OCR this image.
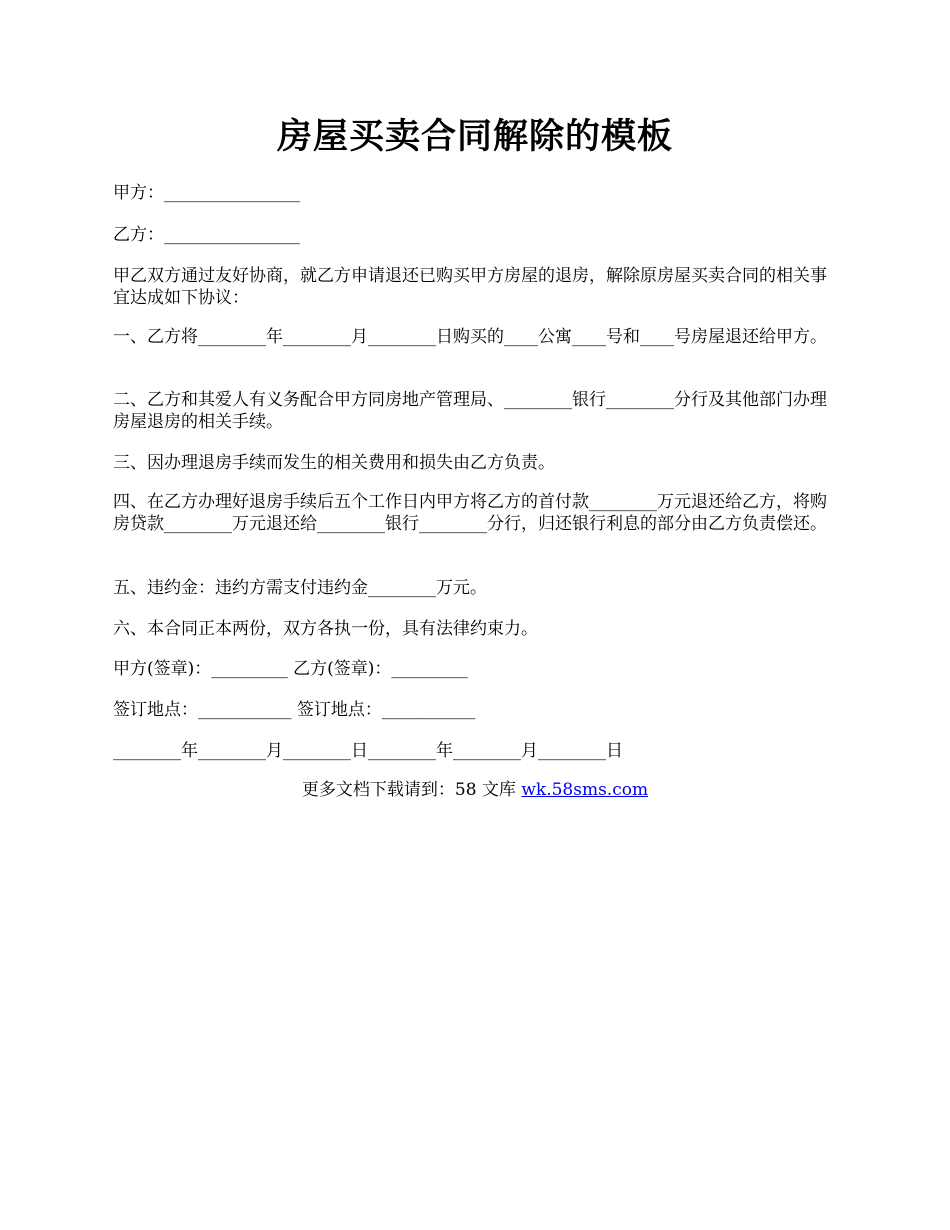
房屋买卖合同解除的模板

甲方：________________

乙方：________________

甲乙双方通过友好协商，就乙方申请退还已购买甲方房屋的退房，解除原房屋买卖合同的相关事宜达成如下协议：

一、乙方将________年________月________日购买的____公寓____号和____号房屋退还给甲方。

二、乙方和其爱人有义务配合甲方同房地产管理局、________银行________分行及其他部门办理房屋退房的相关手续。

三、因办理退房手续而发生的相关费用和损失由乙方负责。

四、在乙方办理好退房手续后五个工作日内甲方将乙方的首付款________万元退还给乙方，将购房贷款________万元退还给________银行________分行，归还银行利息的部分由乙方负责偿还。

五、违约金：违约方需支付违约金________万元。

六、本合同正本两份，双方各执一份，具有法律约束力。

甲方(签章)：_________ 乙方(签章)：_________

签订地点：___________ 签订地点：___________

________年________月________日________年________月________日

更多文档下载请到：58 文库 wk.58sms.com
